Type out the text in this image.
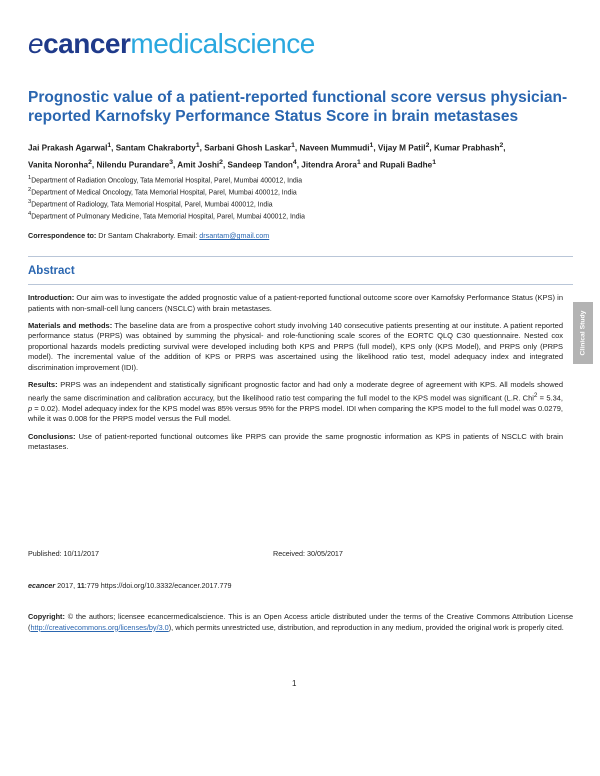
ecancermedicalscience
Prognostic value of a patient-reported functional score versus physician-reported Karnofsky Performance Status Score in brain metastases
Jai Prakash Agarwal$^1$, Santam Chakraborty$^1$, Sarbani Ghosh Laskar$^1$, Naveen Mummudi$^1$, Vijay M Patil$^2$, Kumar Prabhash$^2$,
Vanita Noronha$^2$, Nilendu Purandare$^3$, Amit Joshi$^2$, Sandeep Tandon$^4$, Jitendra Arora$^1$ and Rupali Badhe$^1$
$^1$Department of Radiation Oncology, Tata Memorial Hospital, Parel, Mumbai 400012, India
$^2$Department of Medical Oncology, Tata Memorial Hospital, Parel, Mumbai 400012, India
$^3$Department of Radiology, Tata Memorial Hospital, Parel, Mumbai 400012, India
$^4$Department of Pulmonary Medicine, Tata Memorial Hospital, Parel, Mumbai 400012, India
Correspondence to: Dr Santam Chakraborty. Email: drsantam@gmail.com
Abstract

Introduction: Our aim was to investigate the added prognostic value of a patient-reported functional outcome score over Karnofsky Performance Status (KPS) in patients with non-small-cell lung cancers (NSCLC) with brain metastases.

Materials and methods: The baseline data are from a prospective cohort study involving 140 consecutive patients presenting at our institute. A patient reported performance status (PRPS) was obtained by summing the physical- and role-functioning scale scores of the EORTC QLQ C30 questionnaire. Nested cox proportional hazards models predicting survival were developed including both KPS and PRPS (full model), KPS only (KPS Model), and PRPS only (PRPS model). The incremental value of the addition of KPS or PRPS was ascertained using the likelihood ratio test, model adequacy index and integrated discrimination improvement (IDI).

Results: PRPS was an independent and statistically significant prognostic factor and had only a moderate degree of agreement with KPS. All models showed nearly the same discrimination and calibration accuracy, but the likelihood ratio test comparing the full model to the KPS model was significant (L.R. Chi$^2$ = 5.34, p = 0.02). Model adequacy index for the KPS model was 85% versus 95% for the PRPS model. IDI when comparing the KPS model to the full model was 0.0279, while it was 0.008 for the PRPS model versus the Full model.

Conclusions: Use of patient-reported functional outcomes like PRPS can provide the same prognostic information as KPS in patients of NSCLC with brain metastases.

Clinical Study
Published: 10/11/2017	Received: 30/05/2017
ecancer 2017, 11:779 https://doi.org/10.3332/ecancer.2017.779
Copyright: © the authors; licensee ecancermedicalscience. This is an Open Access article distributed under the terms of the Creative Commons Attribution License (http://creativecommons.org/licenses/by/3.0), which permits unrestricted use, distribution, and reproduction in any medium, provided the original work is properly cited.
1
